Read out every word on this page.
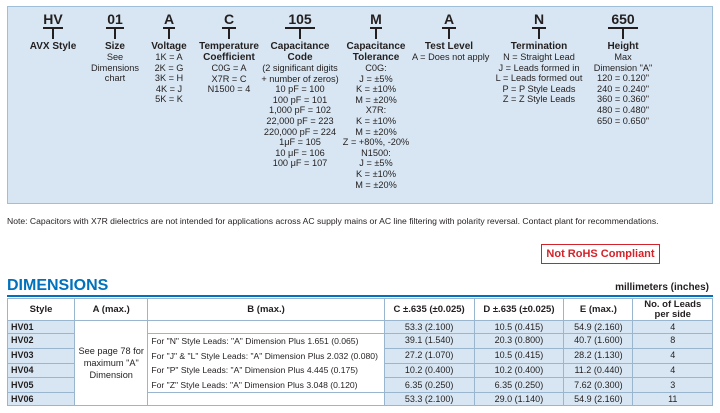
HV
AVX Style
01
Size
See
Dimensions
chart
A
Voltage
1K = A
2K = G
3K = H
4K = J
5K = K
C
Temperature
Coefficient
C0G = A
X7R = C
N1500 = 4
105
Capacitance
Code
(2 significant digits
+ number of zeros)
10 pF = 100
100 pF = 101
1,000 pF = 102
22,000 pF = 223
220,000 pF = 224
1μF = 105
10 μF = 106
100 μF = 107
M
Capacitance
Tolerance
C0G:
J = ±5%
K = ±10%
M = ±20%
X7R:
K = ±10%
M = ±20%
Z = +80%, -20%
N1500:
J = ±5%
K = ±10%
M = ±20%
A
Test Level
A = Does not apply
N
Termination
N = Straight Lead
J = Leads formed in
L = Leads formed out
P = P Style Leads
Z = Z Style Leads
650
Height
Max
Dimension "A"
120 = 0.120"
240 = 0.240"
360 = 0.360"
480 = 0.480"
650 = 0.650"
Note: Capacitors with X7R dielectrics are not intended for applications across AC supply mains or AC line filtering with polarity reversal. Contact plant for recommendations.
Not RoHS Compliant
DIMENSIONS	millimeters (inches)
Style	A (max.)	B (max.)	C ±.635 (±0.025)	D ±.635 (±0.025)	E (max.)	No. of Leads per side
HV01	See page 78 for maximum "A" Dimension		53.3 (2.100)	10.5 (0.415)	54.9 (2.160)	4
HV02		For "N" Style Leads: "A" Dimension Plus 1.651 (0.065)
For "J" & "L" Style Leads: "A" Dimension Plus 2.032 (0.080)
For "P" Style Leads: "A" Dimension Plus 4.445 (0.175)
For "Z" Style Leads: "A" Dimension Plus 3.048 (0.120)	39.1 (1.540)	20.3 (0.800)	40.7 (1.600)	8
HV03			27.2 (1.070)	10.5 (0.415)	28.2 (1.130)	4
HV04			10.2 (0.400)	10.2 (0.400)	11.2 (0.440)	4
HV05			6.35 (0.250)	6.35 (0.250)	7.62 (0.300)	3
HV06			53.3 (2.100)	29.0 (1.140)	54.9 (2.160)	11
